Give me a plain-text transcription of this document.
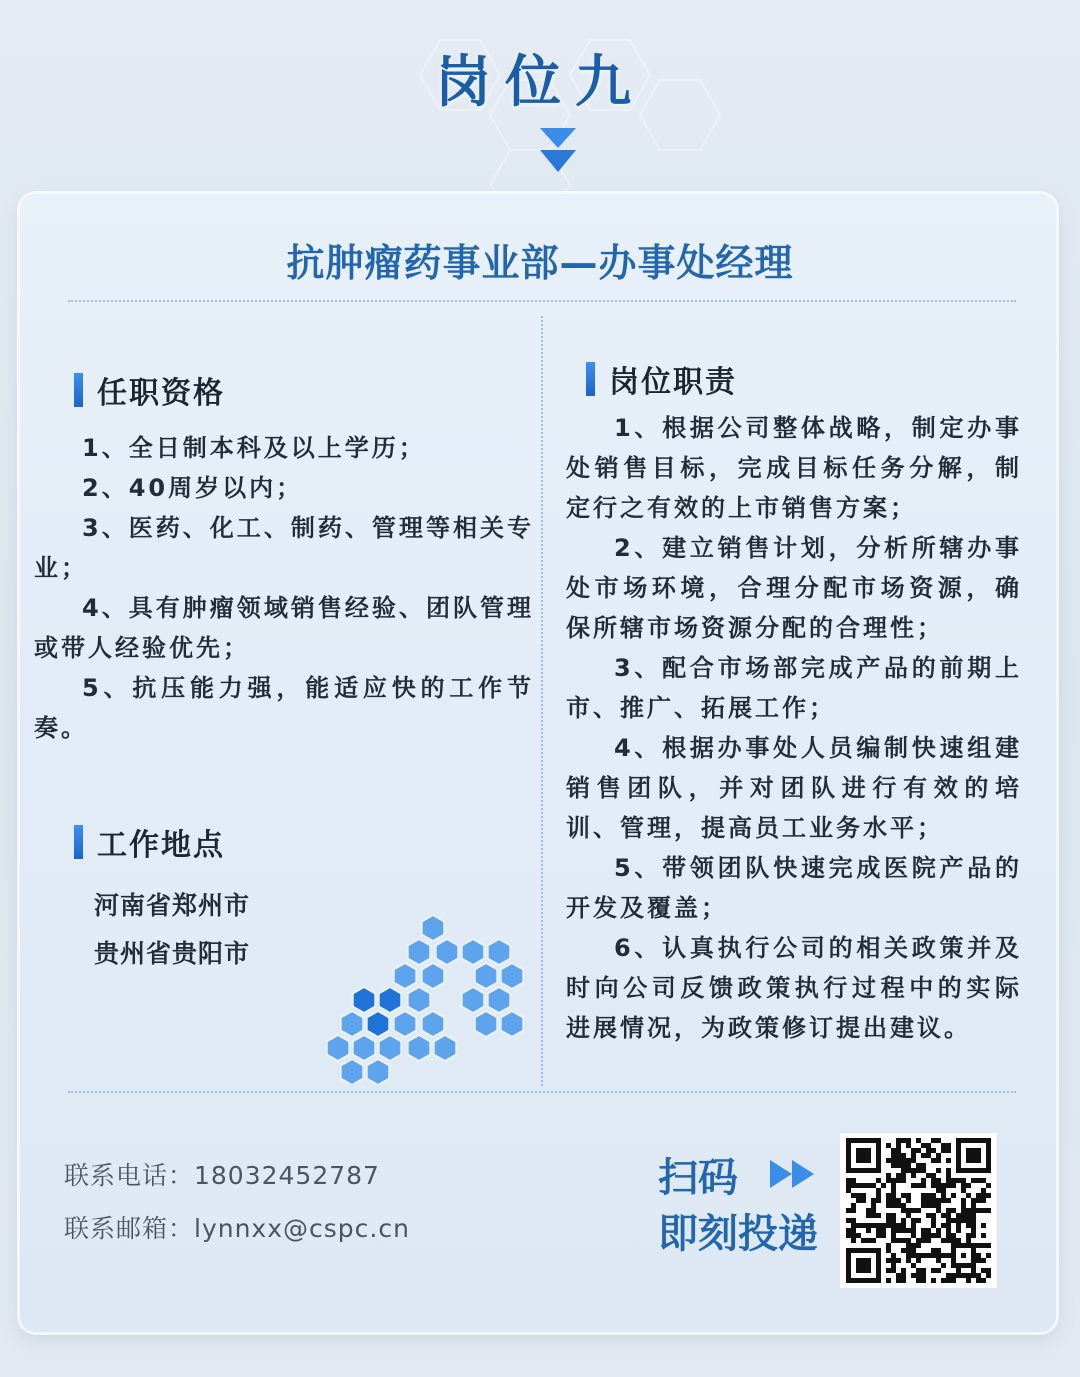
岗位九
抗肿瘤药事业部—办事处经理
任职资格

1、全日制本科及以上学历；

2、40周岁以内；

3、医药、化工、制药、管理等相关专业；

4、具有肿瘤领域销售经验、团队管理或带人经验优先；

5、抗压能力强，能适应快的工作节奏。

工作地点
河南省郑州市
贵州省贵阳市
岗位职责

1、根据公司整体战略，制定办事处销售目标，完成目标任务分解，制定行之有效的上市销售方案；

2、建立销售计划，分析所辖办事处市场环境，合理分配市场资源，确保所辖市场资源分配的合理性；

3、配合市场部完成产品的前期上市、推广、拓展工作；

4、根据办事处人员编制快速组建销售团队，并对团队进行有效的培训、管理，提高员工业务水平；

5、带领团队快速完成医院产品的开发及覆盖；

6、认真执行公司的相关政策并及时向公司反馈政策执行过程中的实际进展情况，为政策修订提出建议。

联系电话：18032452787
联系邮箱：lynnxx@cspc.cn
扫码
即刻投递
